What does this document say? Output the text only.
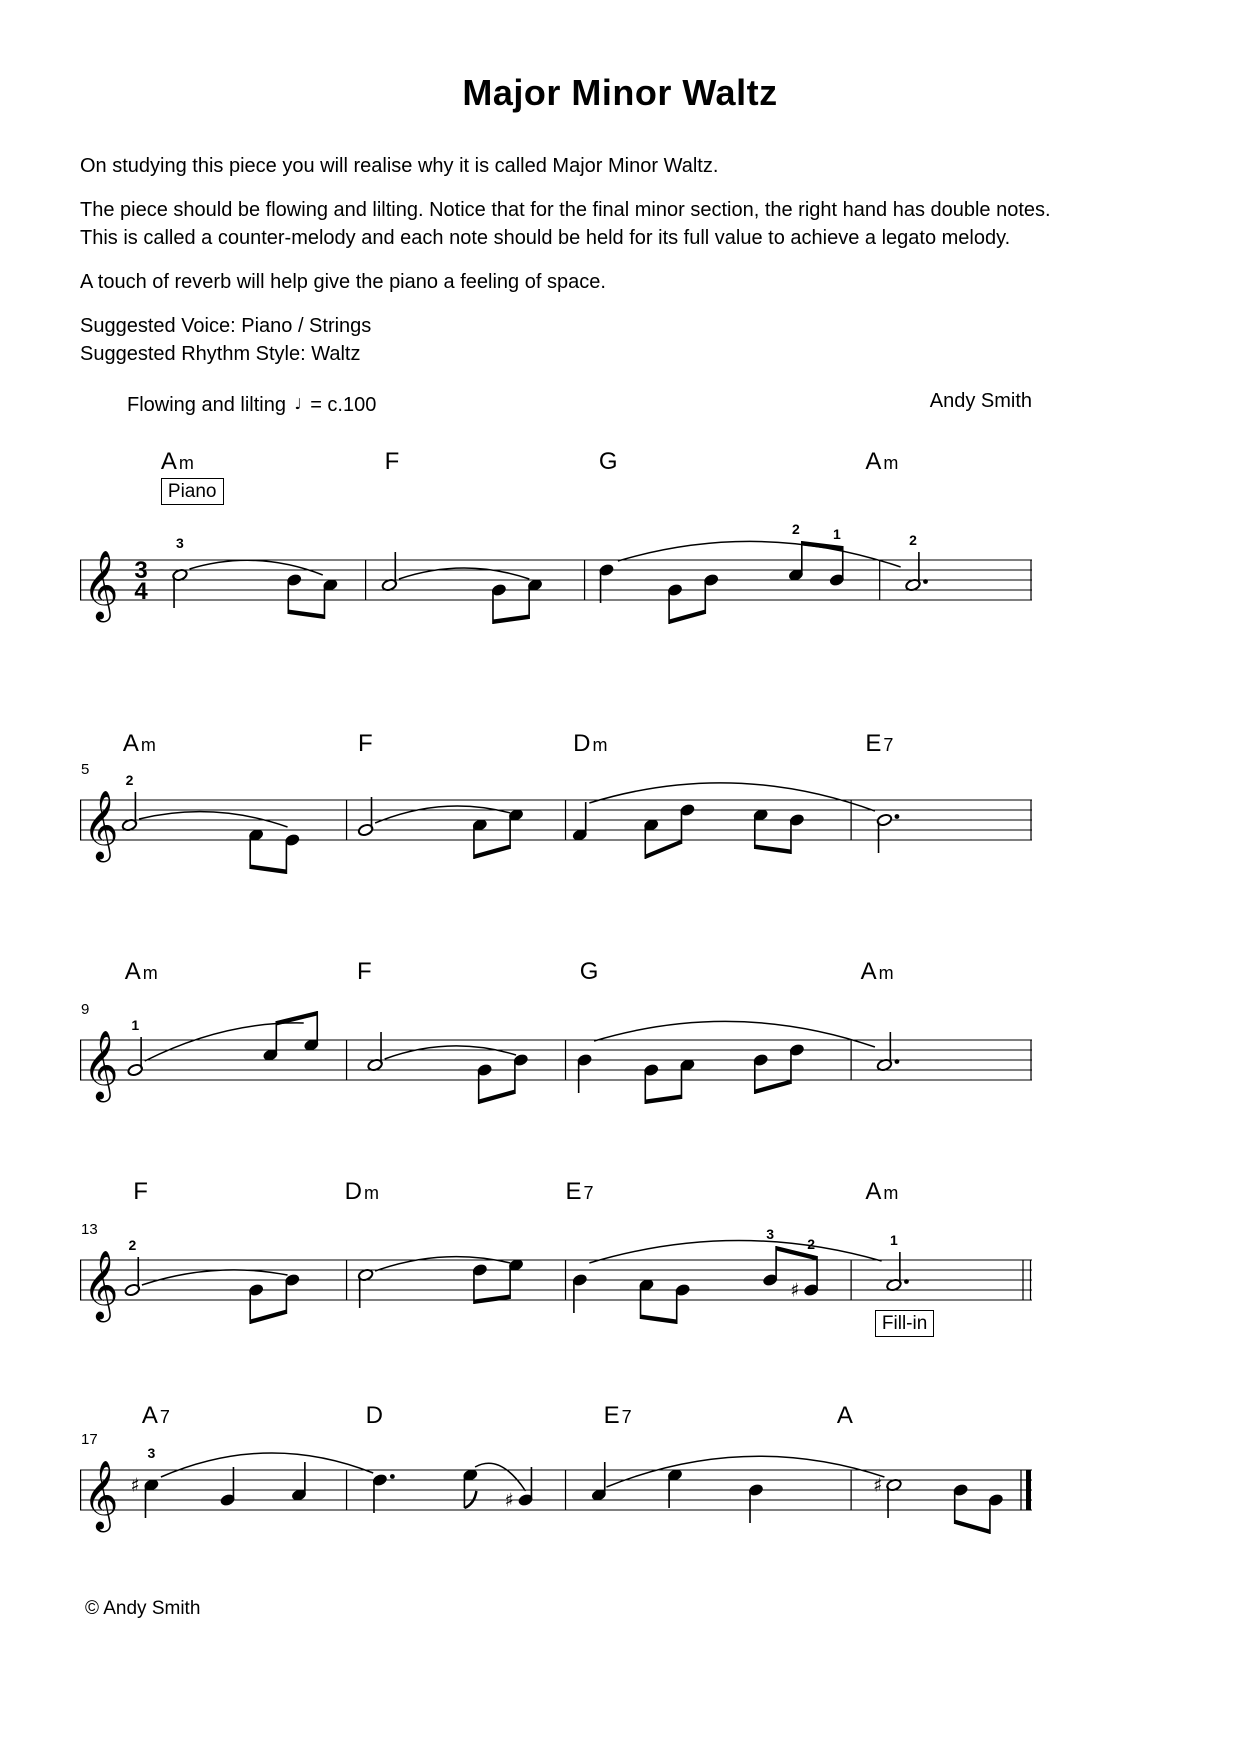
Major Minor Waltz
On studying this piece you will realise why it is called Major Minor Waltz.
The piece should be flowing and lilting. Notice that for the final minor section, the right hand has double notes.
This is called a counter-melody and each note should be held for its full value to achieve a legato melody.
A touch of reverb will help give the piano a feeling of space.
Suggested Voice: Piano / Strings
Suggested Rhythm Style: Waltz
Flowing and lilting ♩ = c.100	Andy Smith
A m	F	G	A m
Piano
𝄞 3
4
3
2 1	2
A m	F	D m	E 7
𝄞
5
2
A m	F	G	A m
𝄞
9
1
F	D m	E 7	A m
Fill-in
𝄞
13
2
3
♯
2	1
A 7	D	E 7	A
𝄞
17
♯
3
♯
♯
© Andy Smith
